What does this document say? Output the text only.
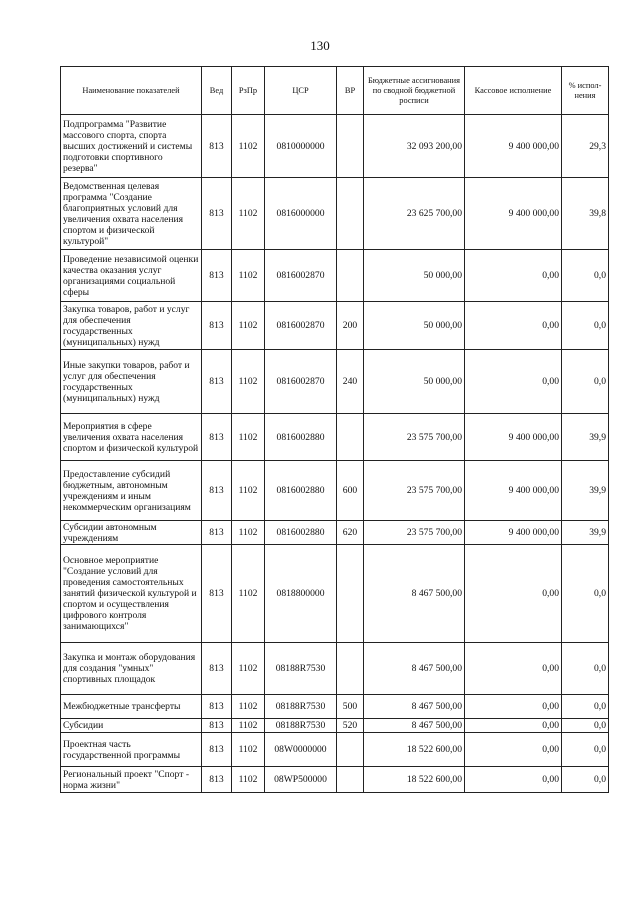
130
Наименование показателей	Вед	РзПр	ЦСР	ВР	Бюджетные ассигнования по сводной бюджетной росписи	Кассовое исполнение	% испол-нения
Подпрограмма "Развитие массового спорта, спорта высших достижений и системы подготовки спортивного резерва"	813	1102	0810000000		32 093 200,00	9 400 000,00	29,3
Ведомственная целевая программа "Создание благоприятных условий для увеличения охвата населения спортом и физической культурой"	813	1102	0816000000		23 625 700,00	9 400 000,00	39,8
Проведение независимой оценки качества оказания услуг организациями социальной сферы	813	1102	0816002870		50 000,00	0,00	0,0
Закупка товаров, работ и услуг для обеспечения государственных (муниципальных) нужд	813	1102	0816002870	200	50 000,00	0,00	0,0
Иные закупки товаров, работ и услуг для обеспечения государственных (муниципальных) нужд	813	1102	0816002870	240	50 000,00	0,00	0,0
Мероприятия в сфере увеличения охвата населения спортом и физической культурой	813	1102	0816002880		23 575 700,00	9 400 000,00	39,9
Предоставление субсидий бюджетным, автономным учреждениям и иным некоммерческим организациям	813	1102	0816002880	600	23 575 700,00	9 400 000,00	39,9
Субсидии автономным учреждениям	813	1102	0816002880	620	23 575 700,00	9 400 000,00	39,9
Основное мероприятие "Создание условий для проведения самостоятельных занятий физической культурой и спортом и осуществления цифрового контроля занимающихся"	813	1102	0818800000		8 467 500,00	0,00	0,0
Закупка и монтаж оборудования для создания "умных" спортивных площадок	813	1102	08188R7530		8 467 500,00	0,00	0,0
Межбюджетные трансферты	813	1102	08188R7530	500	8 467 500,00	0,00	0,0
Субсидии	813	1102	08188R7530	520	8 467 500,00	0,00	0,0
Проектная часть государственной программы	813	1102	08W0000000		18 522 600,00	0,00	0,0
Региональный проект "Спорт - норма жизни"	813	1102	08WP500000		18 522 600,00	0,00	0,0
